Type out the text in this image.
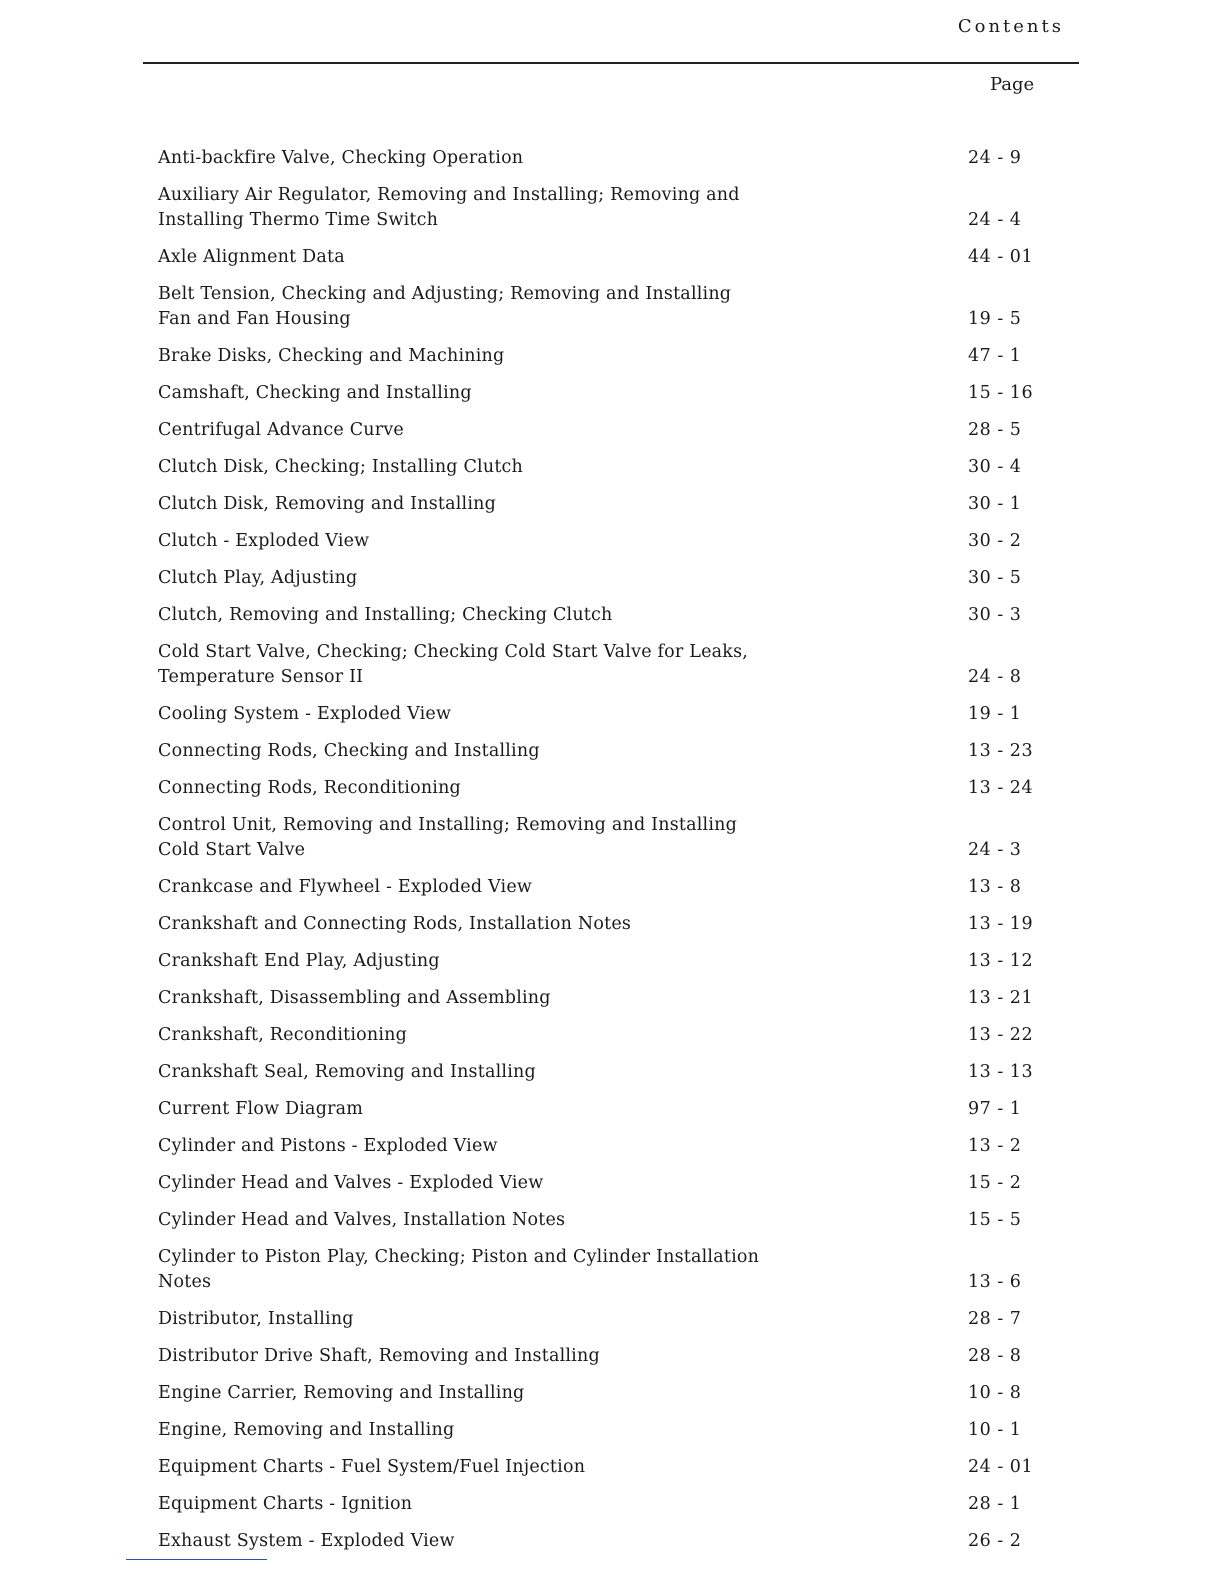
Contents
Page
Anti-backfire Valve, Checking Operation	24 - 9
Auxiliary Air Regulator, Removing and Installing; Removing and
Installing Thermo Time Switch	24 - 4
Axle Alignment Data	44 - 01
Belt Tension, Checking and Adjusting; Removing and Installing
Fan and Fan Housing	19 - 5
Brake Disks, Checking and Machining	47 - 1
Camshaft, Checking and Installing	15 - 16
Centrifugal Advance Curve	28 - 5
Clutch Disk, Checking; Installing Clutch	30 - 4
Clutch Disk, Removing and Installing	30 - 1
Clutch - Exploded View	30 - 2
Clutch Play, Adjusting	30 - 5
Clutch, Removing and Installing; Checking Clutch	30 - 3
Cold Start Valve, Checking; Checking Cold Start Valve for Leaks,
Temperature Sensor II	24 - 8
Cooling System - Exploded View	19 - 1
Connecting Rods, Checking and Installing	13 - 23
Connecting Rods, Reconditioning	13 - 24
Control Unit, Removing and Installing; Removing and Installing
Cold Start Valve	24 - 3
Crankcase and Flywheel - Exploded View	13 - 8
Crankshaft and Connecting Rods, Installation Notes	13 - 19
Crankshaft End Play, Adjusting	13 - 12
Crankshaft, Disassembling and Assembling	13 - 21
Crankshaft, Reconditioning	13 - 22
Crankshaft Seal, Removing and Installing	13 - 13
Current Flow Diagram	97 - 1
Cylinder and Pistons - Exploded View	13 - 2
Cylinder Head and Valves - Exploded View	15 - 2
Cylinder Head and Valves, Installation Notes	15 - 5
Cylinder to Piston Play, Checking; Piston and Cylinder Installation Notes	13 - 6
Distributor, Installing	28 - 7
Distributor Drive Shaft, Removing and Installing	28 - 8
Engine Carrier, Removing and Installing	10 - 8
Engine, Removing and Installing	10 - 1
Equipment Charts - Fuel System/Fuel Injection	24 - 01
Equipment Charts - Ignition	28 - 1
Exhaust System - Exploded View	26 - 2
